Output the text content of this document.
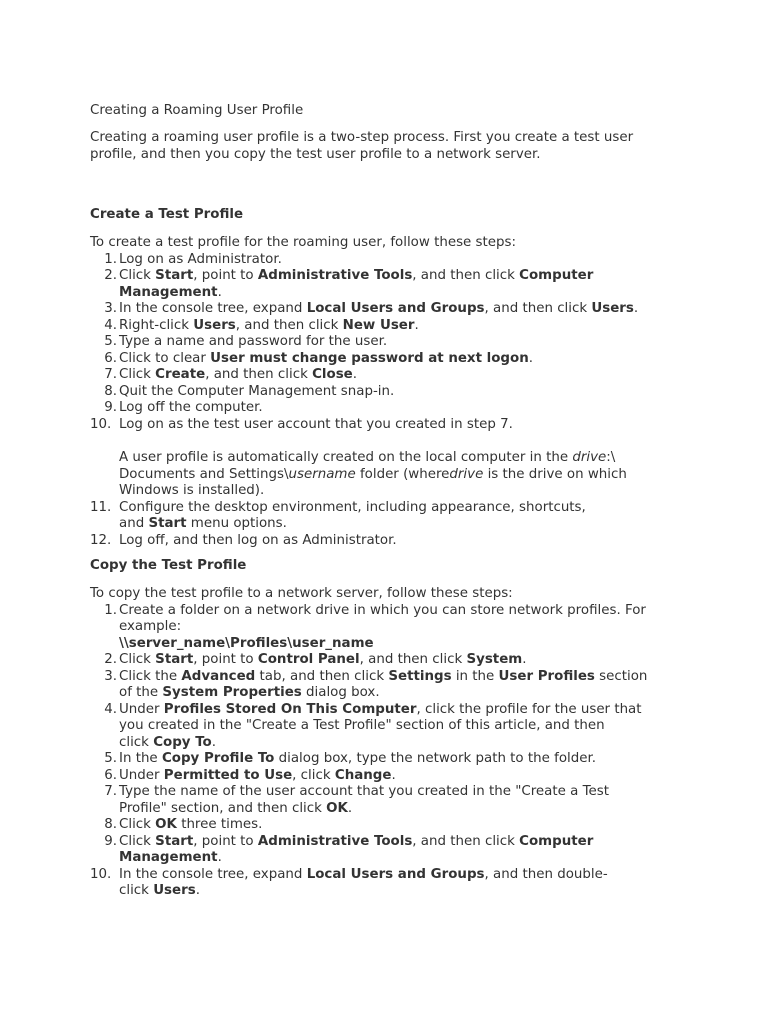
Creating a Roaming User Profile

Creating a roaming user profile is a two-step process. First you create a test user
profile, and then you copy the test user profile to a network server.

Create a Test Profile

To create a test profile for the roaming user, follow these steps:

1. Log on as Administrator.
2. Click Start, point to Administrative Tools, and then click Computer
Management.
3. In the console tree, expand Local Users and Groups, and then click Users.
4. Right-click Users, and then click New User.
5. Type a name and password for the user.
6. Click to clear User must change password at next logon.
7. Click Create, and then click Close.
8. Quit the Computer Management snap-in.
9. Log off the computer.
10. Log on as the test user account that you created in step 7.
A user profile is automatically created on the local computer in the drive:\
Documents and Settings\username folder (wheredrive is the drive on which
Windows is installed).
11. Configure the desktop environment, including appearance, shortcuts,
and Start menu options.
12. Log off, and then log on as Administrator.
Copy the Test Profile

To copy the test profile to a network server, follow these steps:

1. Create a folder on a network drive in which you can store network profiles. For
example:
\\server_name\Profiles\user_name
2. Click Start, point to Control Panel, and then click System.
3. Click the Advanced tab, and then click Settings in the User Profiles section
of the System Properties dialog box.
4. Under Profiles Stored On This Computer, click the profile for the user that
you created in the "Create a Test Profile" section of this article, and then
click Copy To.
5. In the Copy Profile To dialog box, type the network path to the folder.
6. Under Permitted to Use, click Change.
7. Type the name of the user account that you created in the "Create a Test
Profile" section, and then click OK.
8. Click OK three times.
9. Click Start, point to Administrative Tools, and then click Computer
Management.
10. In the console tree, expand Local Users and Groups, and then double-
click Users.
